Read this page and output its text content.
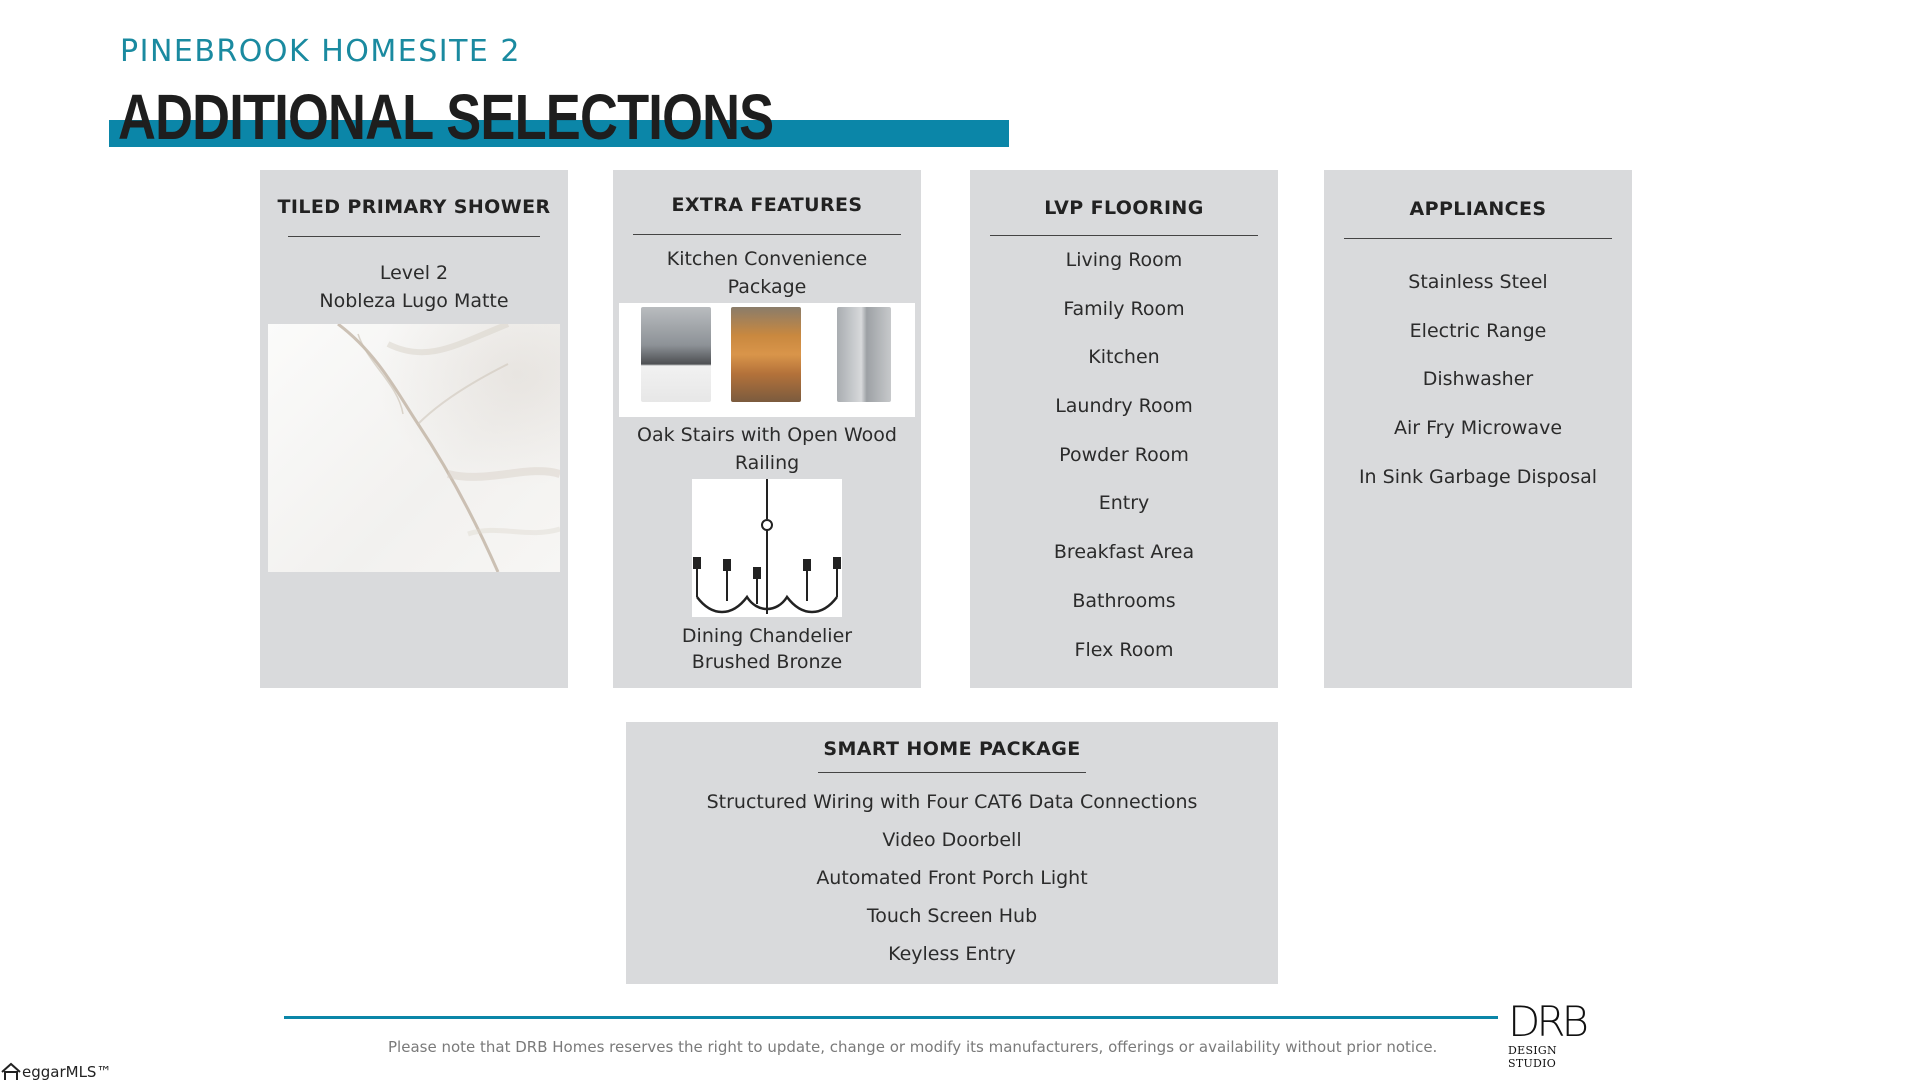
PINEBROOK HOMESITE 2
ADDITIONAL SELECTIONS
TILED PRIMARY SHOWER
Level 2
Nobleza Lugo Matte
EXTRA FEATURES
Kitchen Convenience Package
Oak Stairs with Open Wood Railing
Dining Chandelier Brushed Bronze
LVP FLOORING
Living Room
Family Room
Kitchen
Laundry Room
Powder Room
Entry
Breakfast Area
Bathrooms
Flex Room
APPLIANCES
Stainless Steel
Electric Range
Dishwasher
Air Fry Microwave
In Sink Garbage Disposal
SMART HOME PACKAGE
Structured Wiring with Four CAT6 Data Connections
Video Doorbell
Automated Front Porch Light
Touch Screen Hub
Keyless Entry
Please note that DRB Homes reserves the right to update, change or modify its manufacturers, offerings or availability without prior notice.
DRB
DESIGN STUDIO
eggarMLS™
